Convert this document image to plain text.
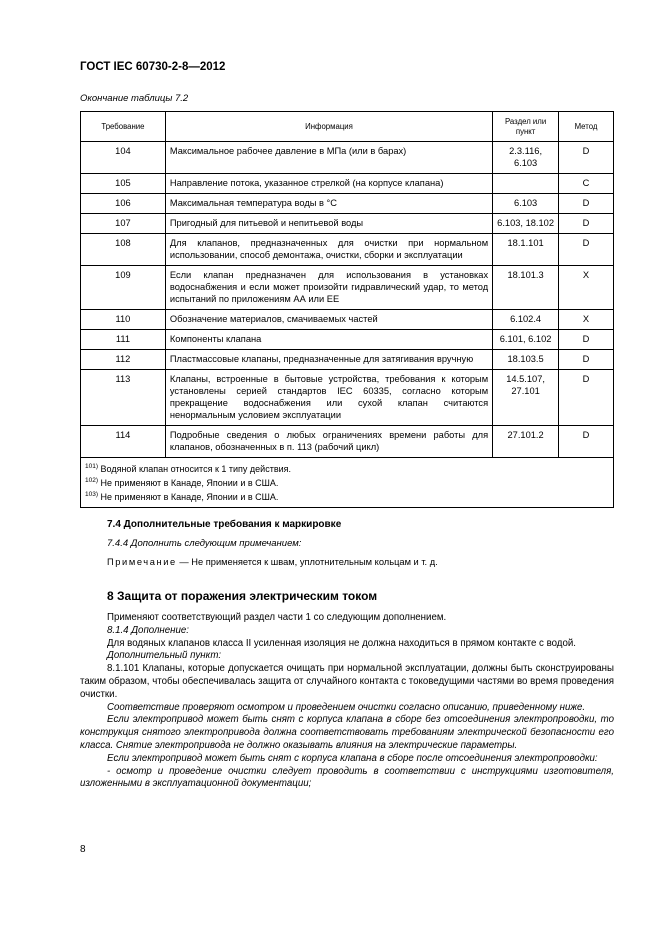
ГОСТ IEC 60730-2-8—2012
Окончание таблицы 7.2
Требование	Информация	Раздел или пункт	Метод
104	Максимальное рабочее давление в МПа (или в барах)	2.3.116, 6.103	D
105	Направление потока, указанное стрелкой (на корпусе клапана)		C
106	Максимальная температура воды в °C	6.103	D
107	Пригодный для питьевой и непитьевой воды	6.103, 18.102	D
108	Для клапанов, предназначенных для очистки при нормальном использовании, способ демонтажа, очистки, сборки и эксплуатации	18.1.101	D
109	Если клапан предназначен для использования в установках водоснабжения и если может произойти гидравлический удар, то метод испытаний по приложениям АА или ЕЕ	18.101.3	X
110	Обозначение материалов, смачиваемых частей	6.102.4	X
111	Компоненты клапана	6.101, 6.102	D
112	Пластмассовые клапаны, предназначенные для затягивания вручную	18.103.5	D
113	Клапаны, встроенные в бытовые устройства, требования к которым установлены серией стандартов IEC 60335, согласно которым прекращение водоснабжения или сухой клапан считаются ненормальным условием эксплуатации	14.5.107, 27.101	D
114	Подробные сведения о любых ограничениях времени работы для клапанов, обозначенных в п. 113 (рабочий цикл)	27.101.2	D

$^{101)}$ Водяной клапан относится к 1 типу действия.
$^{102)}$ Не применяют в Канаде, Японии и в США.
$^{103)}$ Не применяют в Канаде, Японии и в США.			
7.4 Дополнительные требования к маркировке
7.4.4 Дополнить следующим примечанием:
Примечание — Не применяется к швам, уплотнительным кольцам и т. д.
8 Защита от поражения электрическим током

Применяют соответствующий раздел части 1 со следующим дополнением.

8.1.4 Дополнение:

Для водяных клапанов класса II усиленная изоляция не должна находиться в прямом контакте с водой.

Дополнительный пункт:

8.1.101 Клапаны, которые допускается очищать при нормальной эксплуатации, должны быть сконструированы таким образом, чтобы обеспечивалась защита от случайного контакта с токоведущими частями во время проведения очистки.

Соответствие проверяют осмотром и проведением очистки согласно описанию, приведенному ниже.

Если электропривод может быть снят с корпуса клапана в сборе без отсоединения электропроводки, то конструкция снятого электропривода должна соответствовать требованиям электрической безопасности его класса. Снятие электропривода не должно оказывать влияния на электрические параметры.

Если электропривод может быть снят с корпуса клапана в сборе после отсоединения электропроводки:

- осмотр и проведение очистки следует проводить в соответствии с инструкциями изготовителя, изложенными в эксплуатационной документации;

8
